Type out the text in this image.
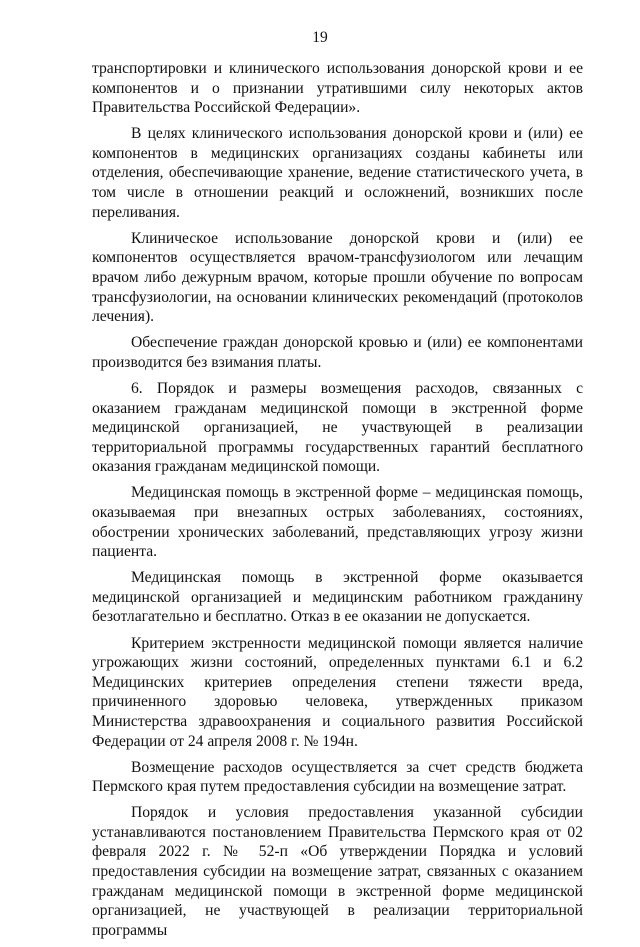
19

транспортировки и клинического использования донорской крови и ее компонентов и о признании утратившими силу некоторых актов Правительства Российской Федерации».

В целях клинического использования донорской крови и (или) ее компонентов в медицинских организациях созданы кабинеты или отделения, обеспечивающие хранение, ведение статистического учета, в том числе в отношении реакций и осложнений, возникших после переливания.

Клиническое использование донорской крови и (или) ее компонентов осуществляется врачом-трансфузиологом или лечащим врачом либо дежурным врачом, которые прошли обучение по вопросам трансфузиологии, на основании клинических рекомендаций (протоколов лечения).

Обеспечение граждан донорской кровью и (или) ее компонентами производится без взимания платы.

6. Порядок и размеры возмещения расходов, связанных с оказанием гражданам медицинской помощи в экстренной форме медицинской организацией, не участвующей в реализации территориальной программы государственных гарантий бесплатного оказания гражданам медицинской помощи.

Медицинская помощь в экстренной форме – медицинская помощь, оказываемая при внезапных острых заболеваниях, состояниях, обострении хронических заболеваний, представляющих угрозу жизни пациента.

Медицинская помощь в экстренной форме оказывается медицинской организацией и медицинским работником гражданину безотлагательно и бесплатно. Отказ в ее оказании не допускается.

Критерием экстренности медицинской помощи является наличие угрожающих жизни состояний, определенных пунктами 6.1 и 6.2 Медицинских критериев определения степени тяжести вреда, причиненного здоровью человека, утвержденных приказом Министерства здравоохранения и социального развития Российской Федерации от 24 апреля 2008 г. № 194н.

Возмещение расходов осуществляется за счет средств бюджета Пермского края путем предоставления субсидии на возмещение затрат.

Порядок и условия предоставления указанной субсидии устанавливаются постановлением Правительства Пермского края от 02 февраля 2022 г. № 52-п «Об утверждении Порядка и условий предоставления субсидии на возмещение затрат, связанных с оказанием гражданам медицинской помощи в экстренной форме медицинской организацией, не участвующей в реализации территориальной программы
